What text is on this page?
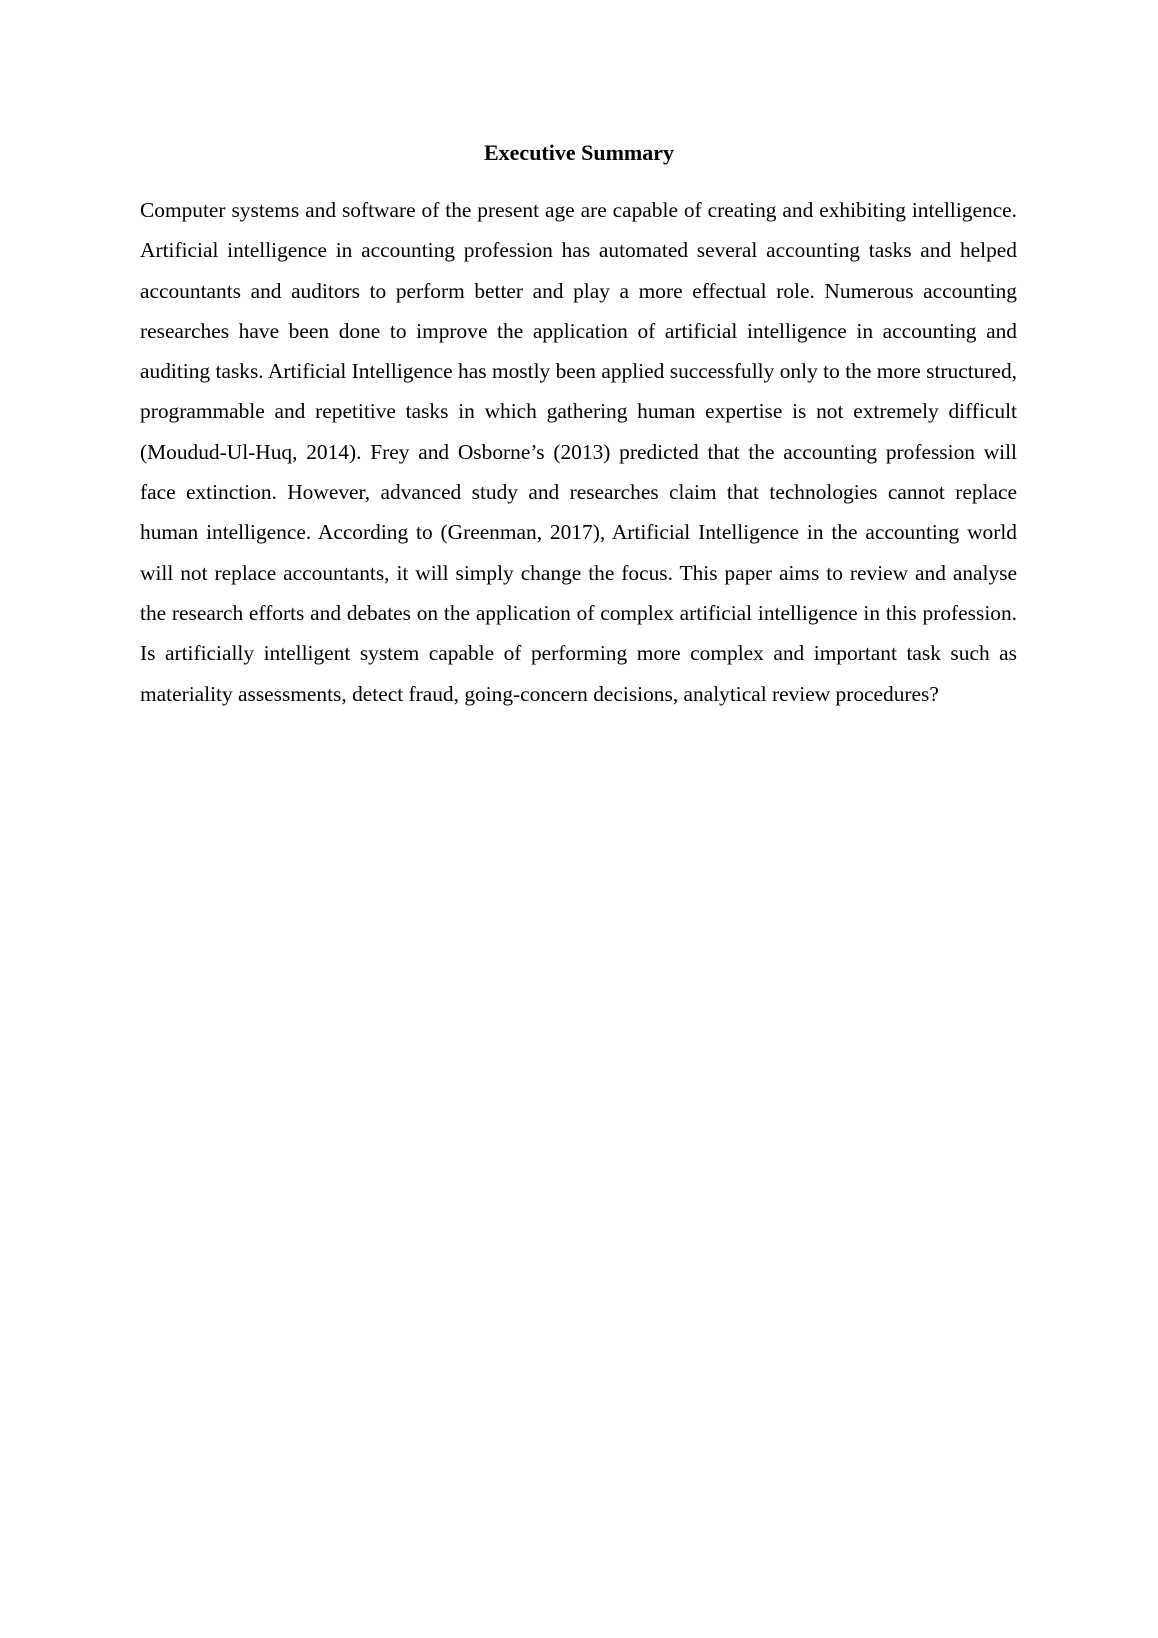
Executive Summary

Computer systems and software of the present age are capable of creating and exhibiting intelligence. Artificial intelligence in accounting profession has automated several accounting tasks and helped accountants and auditors to perform better and play a more effectual role. Numerous accounting researches have been done to improve the application of artificial intelligence in accounting and auditing tasks. Artificial Intelligence has mostly been applied successfully only to the more structured, programmable and repetitive tasks in which gathering human expertise is not extremely difficult (Moudud-Ul-Huq, 2014). Frey and Osborne’s (2013) predicted that the accounting profession will face extinction. However, advanced study and researches claim that technologies cannot replace human intelligence. According to (Greenman, 2017), Artificial Intelligence in the accounting world will not replace accountants, it will simply change the focus. This paper aims to review and analyse the research efforts and debates on the application of complex artificial intelligence in this profession. Is artificially intelligent system capable of performing more complex and important task such as materiality assessments, detect fraud, going-concern decisions, analytical review procedures?
